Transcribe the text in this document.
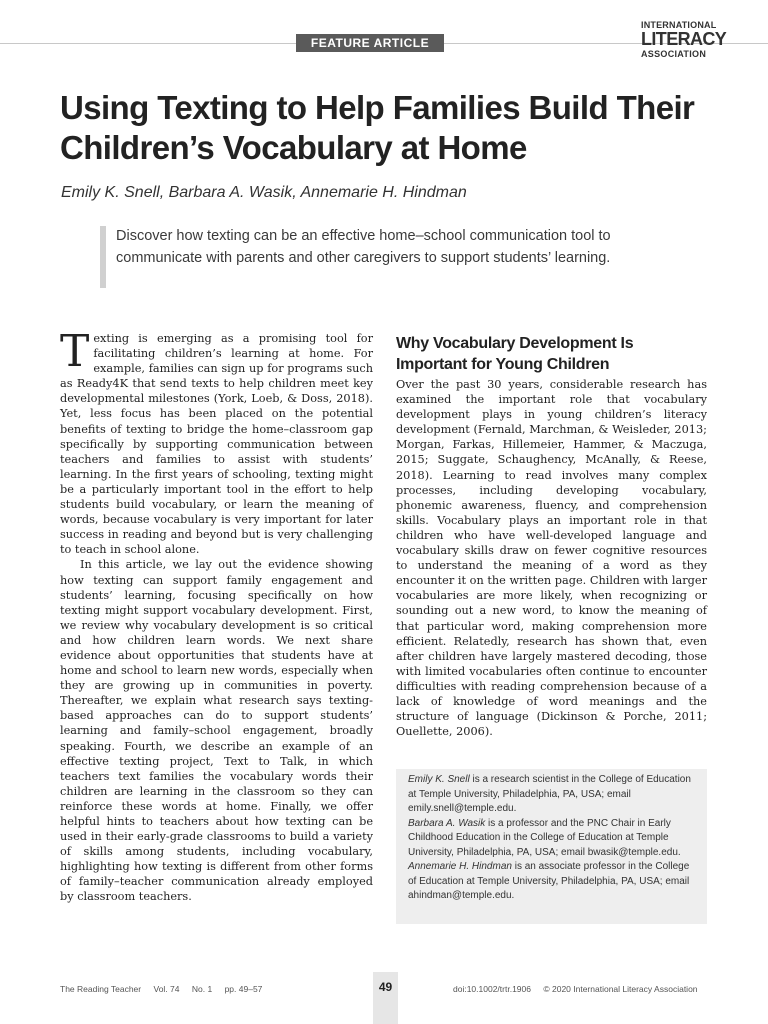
FEATURE ARTICLE
INTERNATIONAL
LITERACY
ASSOCIATION
Using Texting to Help Families Build Their Children’s Vocabulary at Home
Emily K. Snell, Barbara A. Wasik, Annemarie H. Hindman
Discover how texting can be an effective home–school communication tool to communicate with parents and other caregivers to support students’ learning.

Texting is emerging as a promising tool for facilitating children’s learning at home. For example, families can sign up for programs such as Ready4K that send texts to help children meet key developmental milestones (York, Loeb, & Doss, 2018). Yet, less focus has been placed on the potential benefits of texting to bridge the home–classroom gap specifically by supporting communication between teachers and families to assist with students’ learning. In the first years of schooling, texting might be a particularly important tool in the effort to help students build vocabulary, or learn the meaning of words, because vocabulary is very important for later success in reading and beyond but is very challenging to teach in school alone.

In this article, we lay out the evidence showing how texting can support family engagement and students’ learning, focusing specifically on how texting might support vocabulary development. First, we review why vocabulary development is so critical and how children learn words. We next share evidence about opportunities that students have at home and school to learn new words, especially when they are growing up in communities in poverty. Thereafter, we explain what research says texting-based approaches can do to support students’ learning and family–school engagement, broadly speaking. Fourth, we describe an example of an effective texting project, Text to Talk, in which teachers text families the vocabulary words their children are learning in the classroom so they can reinforce these words at home. Finally, we offer helpful hints to teachers about how texting can be used in their early-grade classrooms to build a variety of skills among students, including vocabulary, highlighting how texting is different from other forms of family–teacher communication already employed by classroom teachers.

Why Vocabulary Development Is Important for Young Children

Over the past 30 years, considerable research has examined the important role that vocabulary development plays in young children’s literacy development (Fernald, Marchman, & Weisleder, 2013; Morgan, Farkas, Hillemeier, Hammer, & Maczuga, 2015; Suggate, Schaughency, McAnally, & Reese, 2018). Learning to read involves many complex processes, including developing vocabulary, phonemic awareness, fluency, and comprehension skills. Vocabulary plays an important role in that children who have well-developed language and vocabulary skills draw on fewer cognitive resources to understand the meaning of a word as they encounter it on the written page. Children with larger vocabularies are more likely, when recognizing or sounding out a new word, to know the meaning of that particular word, making comprehension more efficient. Relatedly, research has shown that, even after children have largely mastered decoding, those with limited vocabularies often continue to encounter difficulties with reading comprehension because of a lack of knowledge of word meanings and the structure of language (Dickinson & Porche, 2011; Ouellette, 2006).

Emily K. Snell is a research scientist in the College of Education at Temple University, Philadelphia, PA, USA; email emily.snell@temple.edu.

Barbara A. Wasik is a professor and the PNC Chair in Early Childhood Education in the College of Education at Temple University, Philadelphia, PA, USA; email bwasik@temple.edu.

Annemarie H. Hindman is an associate professor in the College of Education at Temple University, Philadelphia, PA, USA; email ahindman@temple.edu.

The Reading Teacher Vol. 74 No. 1 pp. 49–57	49	doi:10.1002/trtr.1906 © 2020 International Literacy Association
